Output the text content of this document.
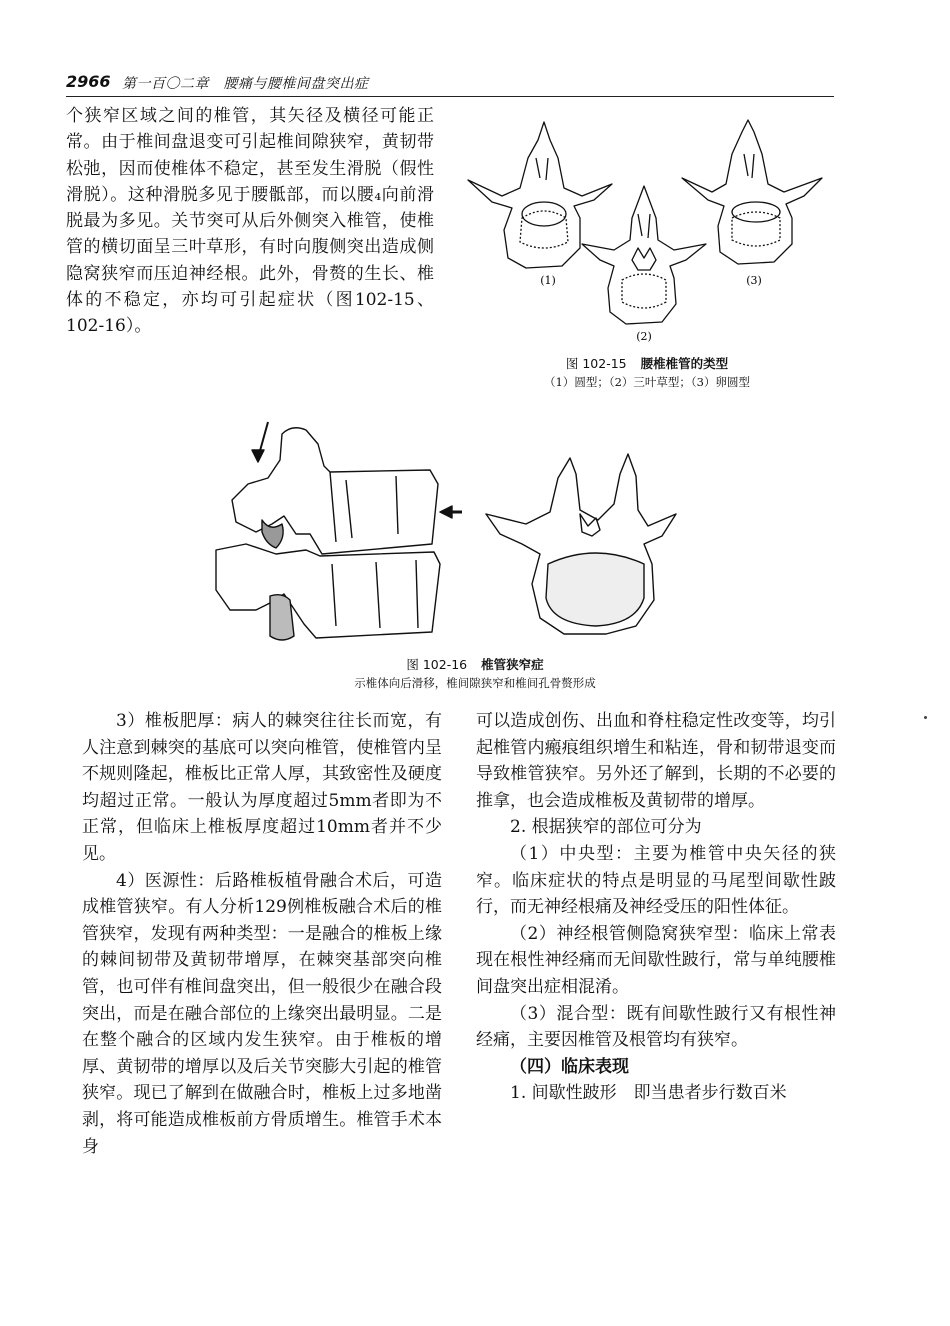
2966 第一百〇二章　腰痛与腰椎间盘突出症

个狭窄区域之间的椎管，其矢径及横径可能正常。由于椎间盘退变可引起椎间隙狭窄，黄韧带松弛，因而使椎体不稳定，甚至发生滑脱（假性滑脱）。这种滑脱多见于腰骶部，而以腰₄向前滑脱最为多见。关节突可从后外侧突入椎管，使椎管的横切面呈三叶草形，有时向腹侧突出造成侧隐窝狭窄而压迫神经根。此外，骨赘的生长、椎体的不稳定，亦均可引起症状（图102-15、102-16）。

(1)
(2)
(3)
图 102-15 腰椎椎管的类型
（1）圆型；（2）三叶草型；（3）卵圆型
图 102-16 椎管狭窄症
示椎体向后滑移，椎间隙狭窄和椎间孔骨赘形成

3）椎板肥厚：病人的棘突往往长而宽，有人注意到棘突的基底可以突向椎管，使椎管内呈不规则隆起，椎板比正常人厚，其致密性及硬度均超过正常。一般认为厚度超过5mm者即为不正常，但临床上椎板厚度超过10mm者并不少见。

4）医源性：后路椎板植骨融合术后，可造成椎管狭窄。有人分析129例椎板融合术后的椎管狭窄，发现有两种类型：一是融合的椎板上缘的棘间韧带及黄韧带增厚，在棘突基部突向椎管，也可伴有椎间盘突出，但一般很少在融合段突出，而是在融合部位的上缘突出最明显。二是在整个融合的区域内发生狭窄。由于椎板的增厚、黄韧带的增厚以及后关节突膨大引起的椎管狭窄。现已了解到在做融合时，椎板上过多地凿剥，将可能造成椎板前方骨质增生。椎管手术本身

可以造成创伤、出血和脊柱稳定性改变等，均引起椎管内瘢痕组织增生和粘连，骨和韧带退变而导致椎管狭窄。另外还了解到，长期的不必要的推拿，也会造成椎板及黄韧带的增厚。

2. 根据狭窄的部位可分为

（1）中央型：主要为椎管中央矢径的狭窄。临床症状的特点是明显的马尾型间歇性跛行，而无神经根痛及神经受压的阳性体征。

（2）神经根管侧隐窝狭窄型：临床上常表现在根性神经痛而无间歇性跛行，常与单纯腰椎间盘突出症相混淆。

（3）混合型：既有间歇性跛行又有根性神经痛，主要因椎管及根管均有狭窄。

（四）临床表现

1. 间歇性跛形　即当患者步行数百米
